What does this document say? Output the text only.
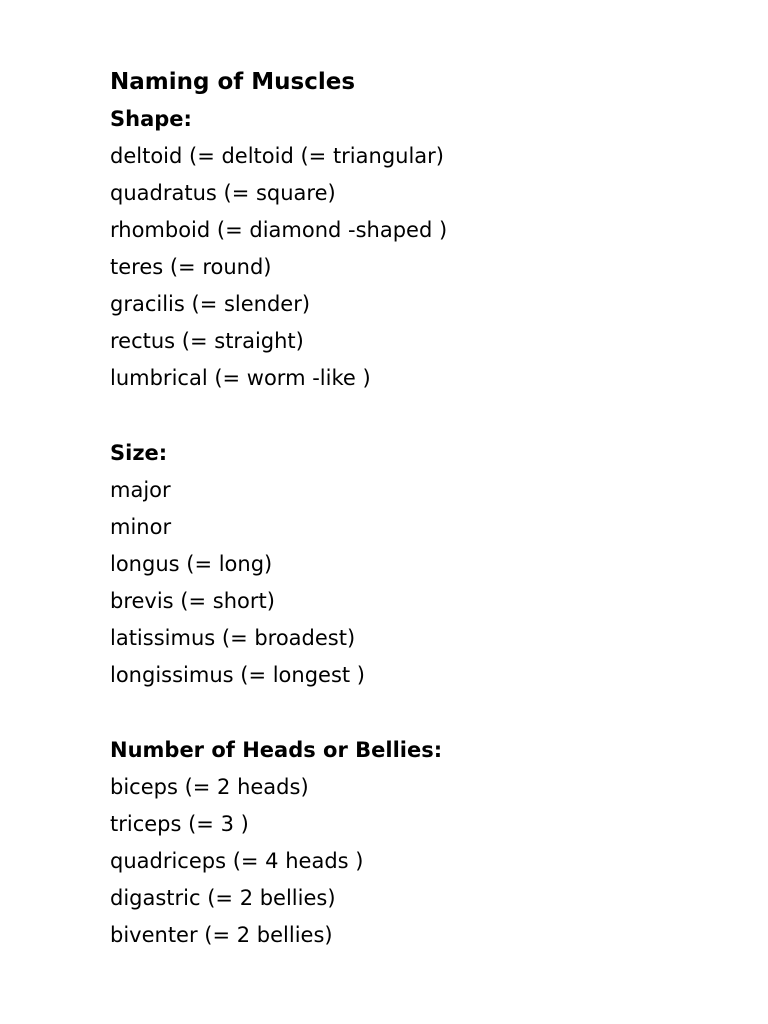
Naming of Muscles
Shape:
deltoid (= deltoid (= triangular)
quadratus (= square)
rhomboid (= diamond -shaped )
teres (= round)
gracilis (= slender)
rectus (= straight)
lumbrical (= worm -like )
Size:
major
minor
longus (= long)
brevis (= short)
latissimus (= broadest)
longissimus (= longest )
Number of Heads or Bellies:
biceps (= 2 heads)
triceps (= 3 )
quadriceps (= 4 heads )
digastric (= 2 bellies)
biventer (= 2 bellies)
